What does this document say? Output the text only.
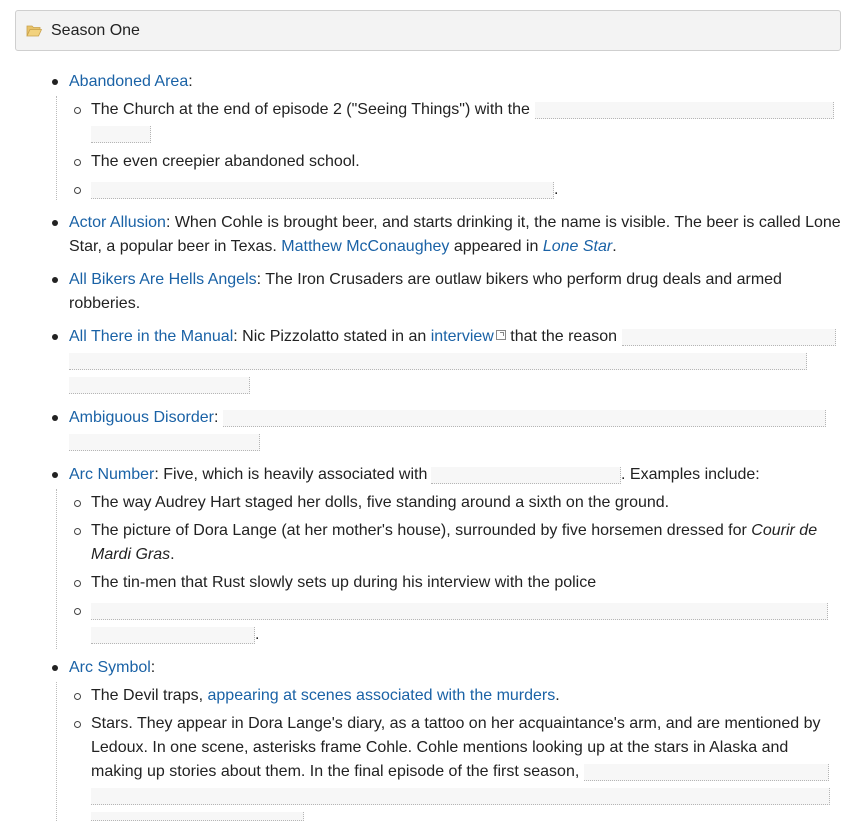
Season One
Abandoned Area:
The Church at the end of episode 2 ("Seeing Things") with the
The even creepier abandoned school.
.
Actor Allusion: When Cohle is brought beer, and starts drinking it, the name is visible. The beer is called Lone
Star, a popular beer in Texas. Matthew McConaughey appeared in Lone Star.
All Bikers Are Hells Angels: The Iron Crusaders are outlaw bikers who perform drug deals and armed
robberies.
All There in the Manual: Nic Pizzolatto stated in an interview that the reason
Ambiguous Disorder:
Arc Number: Five, which is heavily associated with	. Examples include:
The way Audrey Hart staged her dolls, five standing around a sixth on the ground.
The picture of Dora Lange (at her mother's house), surrounded by five horsemen dressed for Courir de
Mardi Gras.
The tin-men that Rust slowly sets up during his interview with the police
.
Arc Symbol:
The Devil traps, appearing at scenes associated with the murders.
Stars. They appear in Dora Lange's diary, as a tattoo on her acquaintance's arm, and are mentioned by
Ledoux. In one scene, asterisks frame Cohle. Cohle mentions looking up at the stars in Alaska and
making up stories about them. In the final episode of the first season,
